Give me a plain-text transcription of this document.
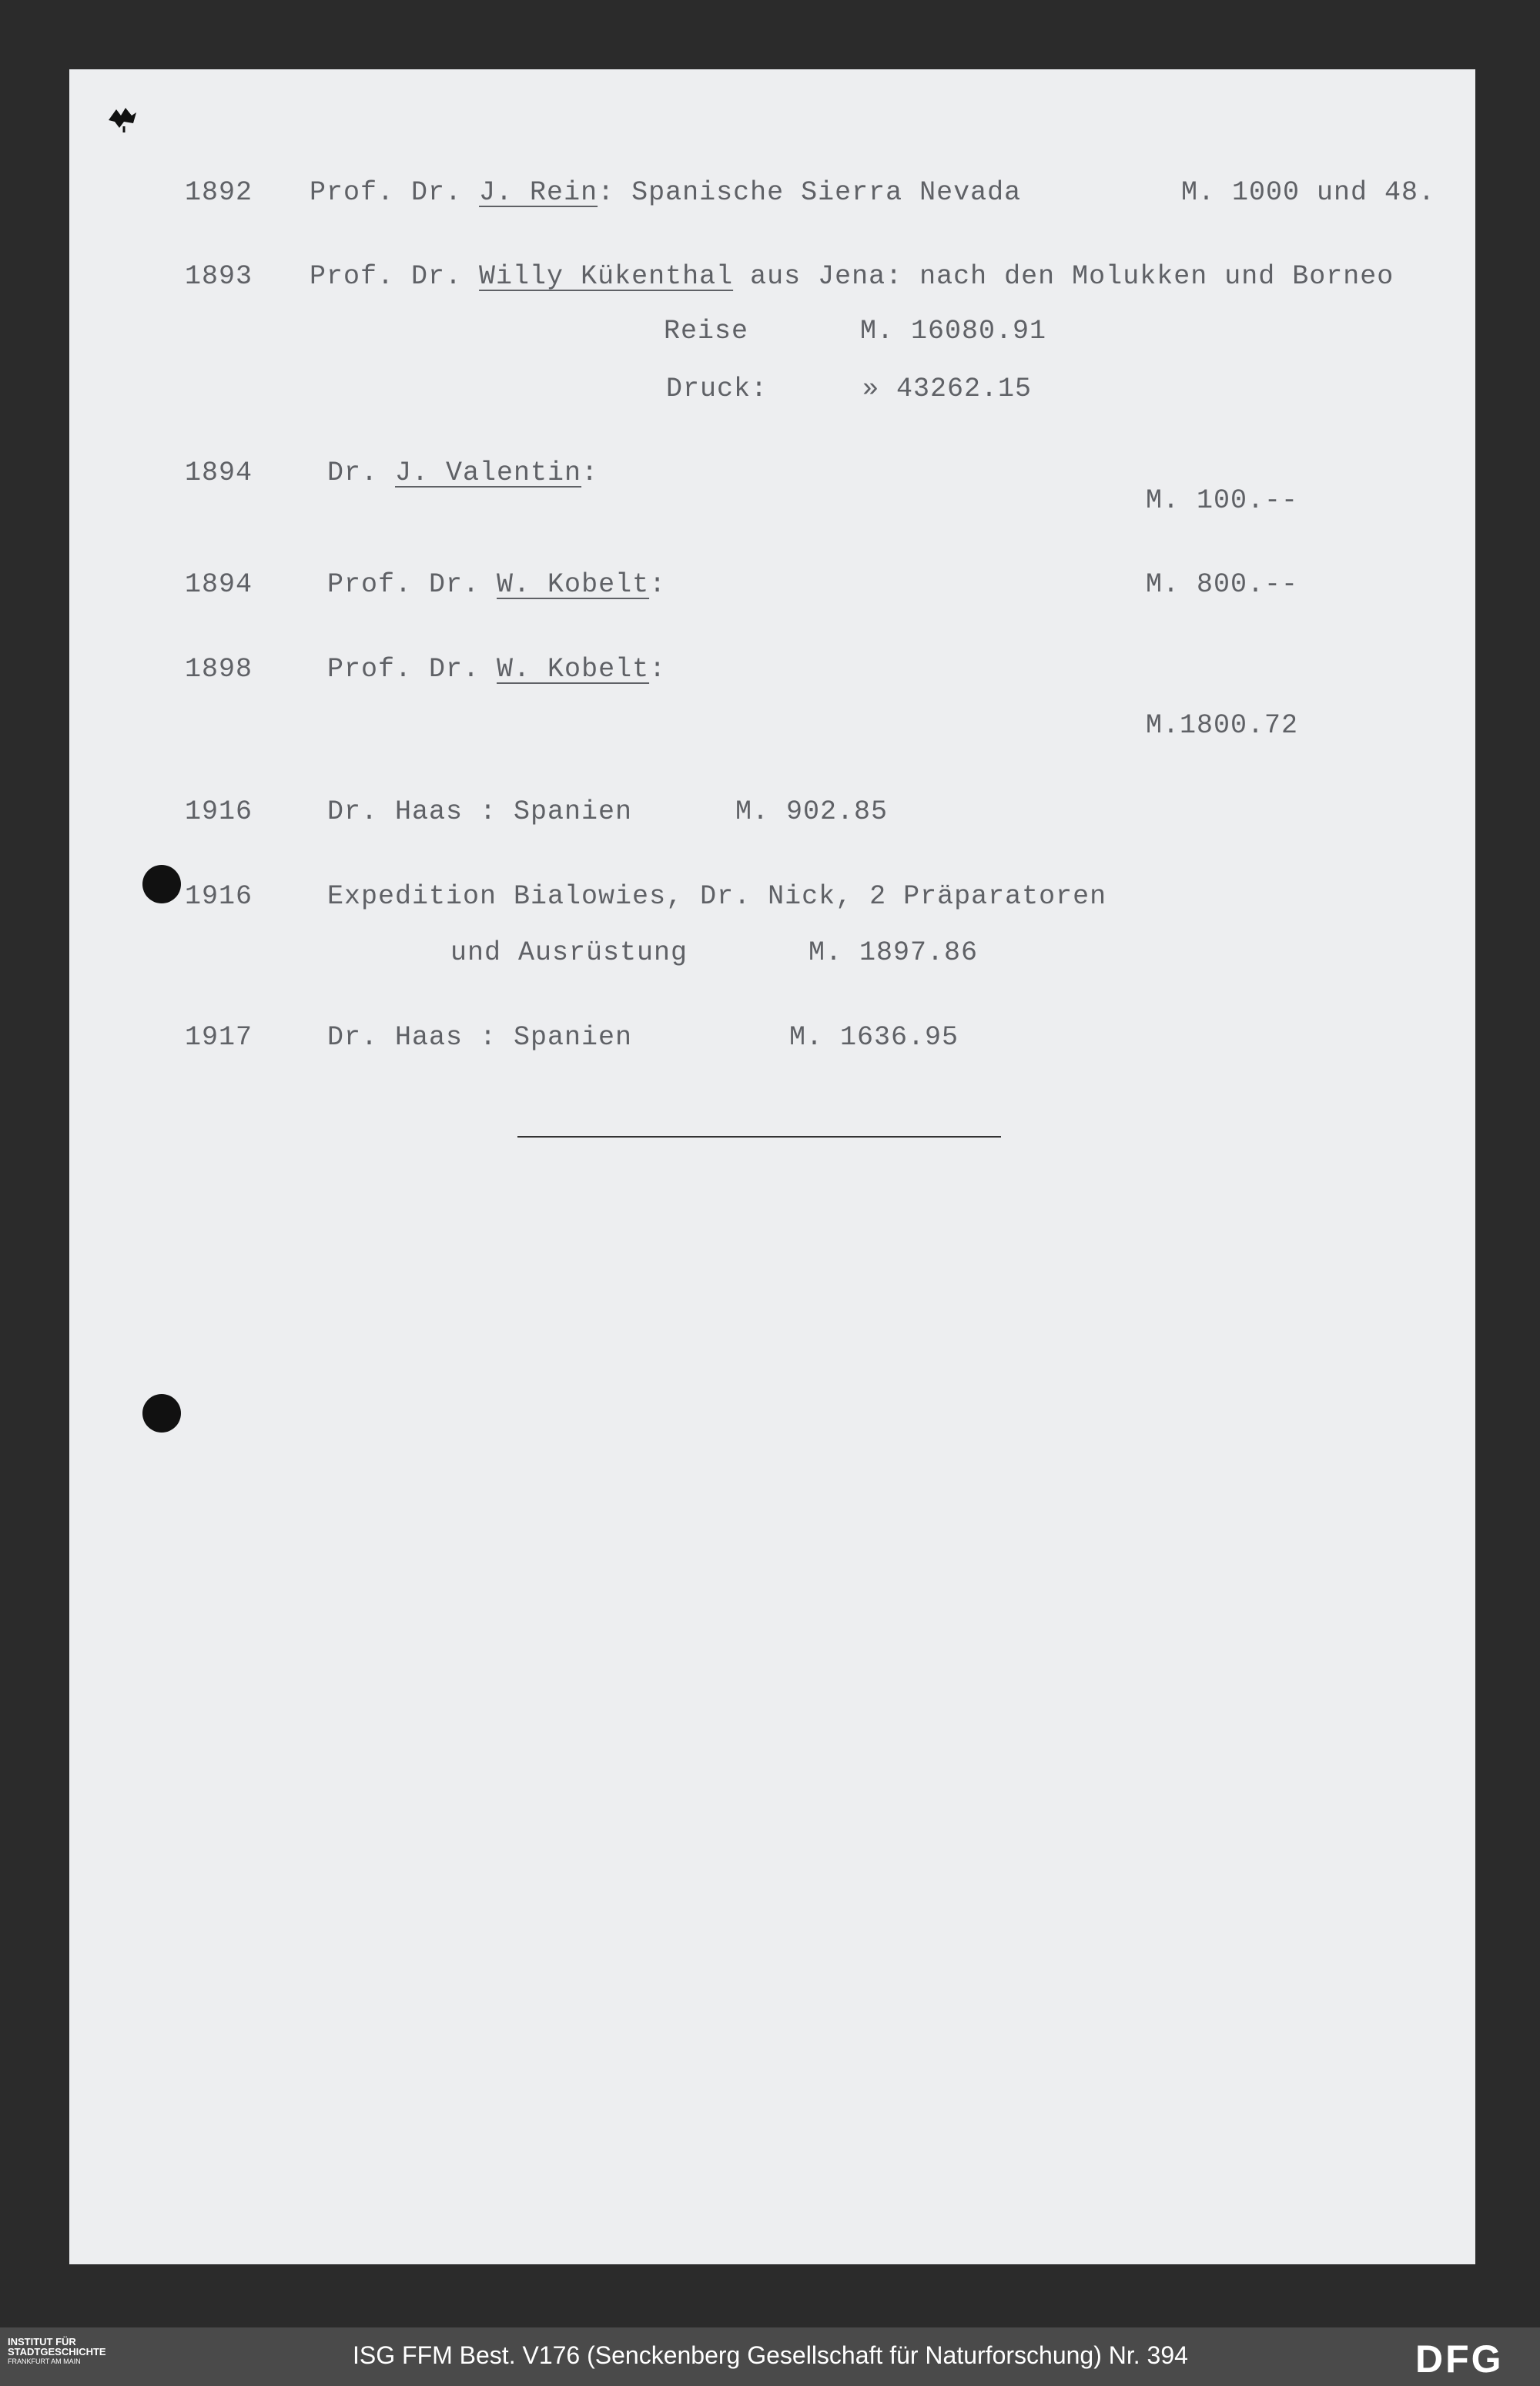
1892 Prof. Dr. J. Rein: Spanische Sierra Nevada	M. 1000 und 48.
1893 Prof. Dr. Willy Kükenthal aus Jena: nach den Molukken und Borneo
Reise	M. 16080.91
Druck:	» 43262.15
1894	Dr. J. Valentin:
M. 100.--
1894	Prof. Dr. W. Kobelt:	M. 800.--
1898	Prof. Dr. W. Kobelt:
M.1800.72
1916	Dr. Haas : Spanien	M. 902.85
1916	Expedition Bialowies, Dr. Nick, 2 Präparatoren
und Ausrüstung	M. 1897.86
1917	Dr. Haas : Spanien	M. 1636.95
INSTITUT FÜR
STADTGESCHICHTE
FRANKFURT AM MAIN	ISG FFM Best. V176 (Senckenberg Gesellschaft für Naturforschung) Nr. 394	DFG
